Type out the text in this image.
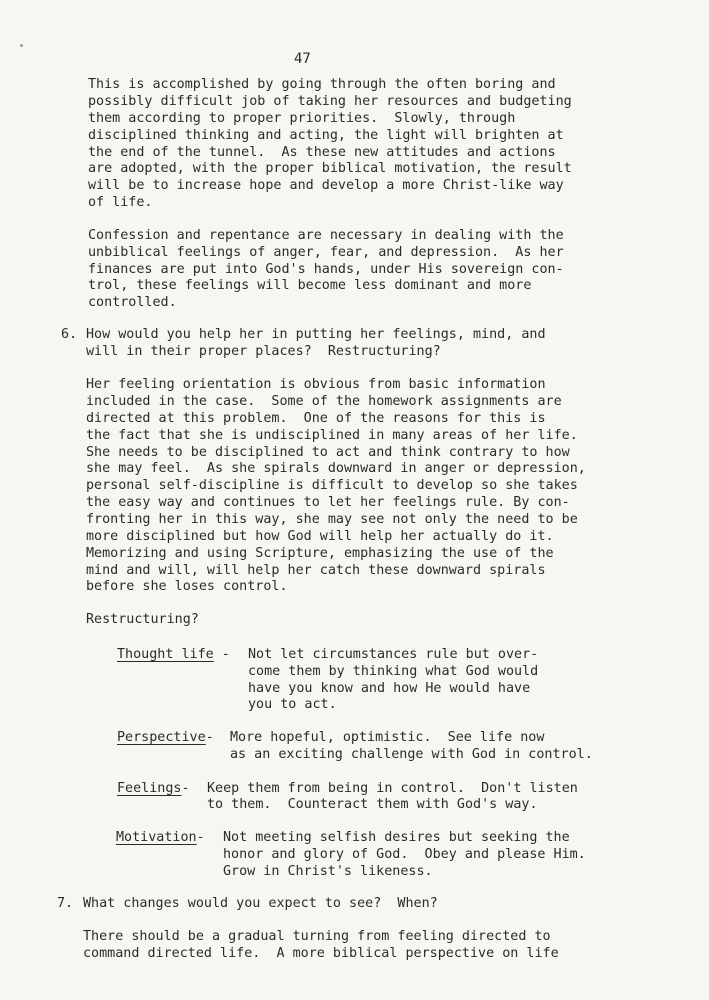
47
This is accomplished by going through the often boring and
possibly difficult job of taking her resources and budgeting
them according to proper priorities.  Slowly, through
disciplined thinking and acting, the light will brighten at
the end of the tunnel.  As these new attitudes and actions
are adopted, with the proper biblical motivation, the result
will be to increase hope and develop a more Christ-like way
of life.
Confession and repentance are necessary in dealing with the
unbiblical feelings of anger, fear, and depression.  As her
finances are put into God's hands, under His sovereign con-
trol, these feelings will become less dominant and more
controlled.
6. How would you help her in putting her feelings, mind, and
will in their proper places?  Restructuring?
Her feeling orientation is obvious from basic information
included in the case.  Some of the homework assignments are
directed at this problem.  One of the reasons for this is
the fact that she is undisciplined in many areas of her life.
She needs to be disciplined to act and think contrary to how
she may feel.  As she spirals downward in anger or depression,
personal self-discipline is difficult to develop so she takes
the easy way and continues to let her feelings rule. By con-
fronting her in this way, she may see not only the need to be
more disciplined but how God will help her actually do it.
Memorizing and using Scripture, emphasizing the use of the
mind and will, will help her catch these downward spirals
before she loses control.
Restructuring?
Thought life - Not let circumstances rule but over-
come them by thinking what God would
have you know and how He would have
you to act.
Perspective- More hopeful, optimistic.  See life now
as an exciting challenge with God in control.
Feelings- Keep them from being in control.  Don't listen
to them.  Counteract them with God's way.
Motivation- Not meeting selfish desires but seeking the
honor and glory of God.  Obey and please Him.
Grow in Christ's likeness.
7. What changes would you expect to see?  When?
There should be a gradual turning from feeling directed to
command directed life.  A more biblical perspective on life
